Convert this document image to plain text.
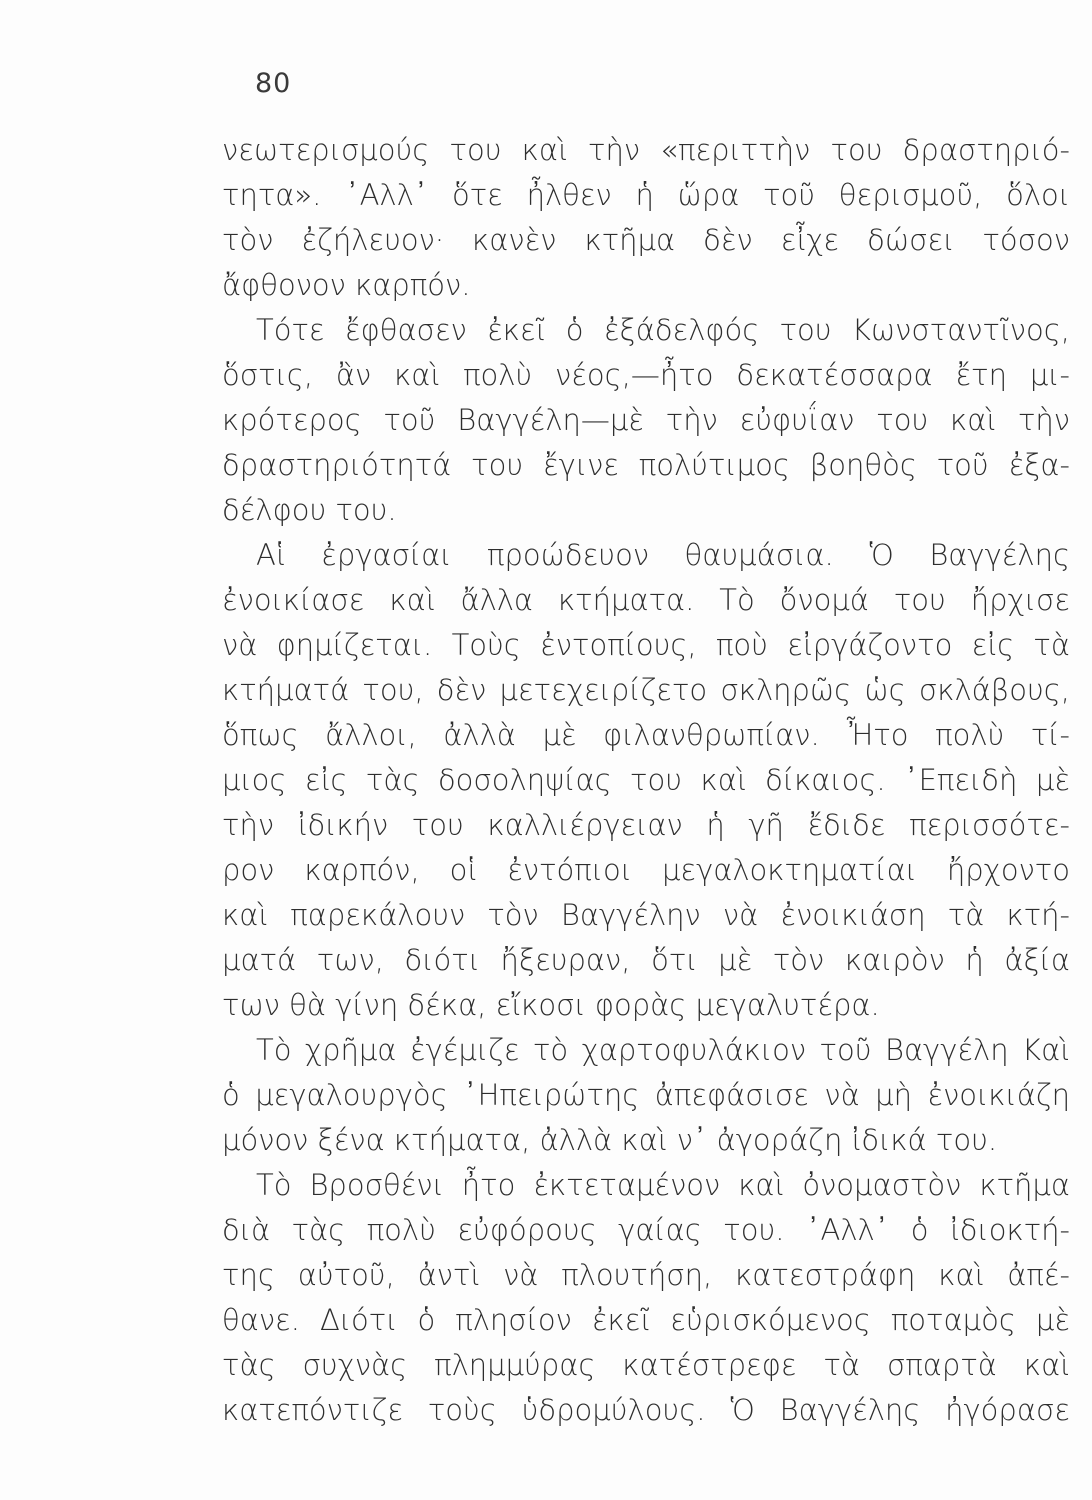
80
νεωτερισμούς του καὶ τὴν «περιττὴν του δραστηριό-
τητα». ᾽Αλλ᾽ ὅτε ἦλθεν ἡ ὥρα τοῦ θερισμοῦ, ὅλοι
τὸν ἐζήλευον· κανὲν κτῆμα δὲν εἶχε δώσει τόσον
ἄφθονον καρπόν.
Τότε ἔφθασεν ἐκεῖ ὁ ἐξάδελφός του Κωνσταντῖνος,
ὅστις, ἂν καὶ πολὺ νέος,—ἦτο δεκατέσσαρα ἔτη μι-
κρότερος τοῦ Βαγγέλη—μὲ τὴν εὐφυΐαν του καὶ τὴν
δραστηριότητά του ἔγινε πολύτιμος βοηθὸς τοῦ ἐξα-
δέλφου του.
Αἱ ἐργασίαι προώδευον θαυμάσια. Ὁ Βαγγέλης
ἐνοικίασε καὶ ἄλλα κτήματα. Τὸ ὄνομά του ἤρχισε
νὰ φημίζεται. Τοὺς ἐντοπίους, ποὺ εἰργάζοντο εἰς τὰ
κτήματά του, δὲν μετεχειρίζετο σκληρῶς ὡς σκλάβους,
ὅπως ἄλλοι, ἀλλὰ μὲ φιλανθρωπίαν. Ἦτο πολὺ τί-
μιος εἰς τὰς δοσοληψίας του καὶ δίκαιος. ᾽Επειδὴ μὲ
τὴν ἰδικήν του καλλιέργειαν ἡ γῆ ἔδιδε περισσότε-
ρον καρπόν, οἱ ἐντόπιοι μεγαλοκτηματίαι ἤρχοντο
καὶ παρεκάλουν τὸν Βαγγέλην νὰ ἐνοικιάση τὰ κτή-
ματά των, διότι ἤξευραν, ὅτι μὲ τὸν καιρὸν ἡ ἀξία
των θὰ γίνη δέκα, εἴκοσι φορὰς μεγαλυτέρα.
Τὸ χρῆμα ἐγέμιζε τὸ χαρτοφυλάκιον τοῦ Βαγγέλη Καὶ
ὁ μεγαλουργὸς ᾽Ηπειρώτης ἀπεφάσισε νὰ μὴ ἐνοικιάζη
μόνον ξένα κτήματα, ἀλλὰ καὶ ν᾽ ἀγοράζη ἰδικά του.
Τὸ Βροσθένι ἦτο ἐκτεταμένον καὶ ὀνομαστὸν κτῆμα
διὰ τὰς πολὺ εὐφόρους γαίας του. ᾽Αλλ᾽ ὁ ἰδιοκτή-
της αὐτοῦ, ἀντὶ νὰ πλουτήση, κατεστράφη καὶ ἀπέ-
θανε. Διότι ὁ πλησίον ἐκεῖ εὑρισκόμενος ποταμὸς μὲ
τὰς συχνὰς πλημμύρας κατέστρεφε τὰ σπαρτὰ καὶ
κατεπόντιζε τοὺς ὑδρομύλους. Ὁ Βαγγέλης ἠγόρασε
